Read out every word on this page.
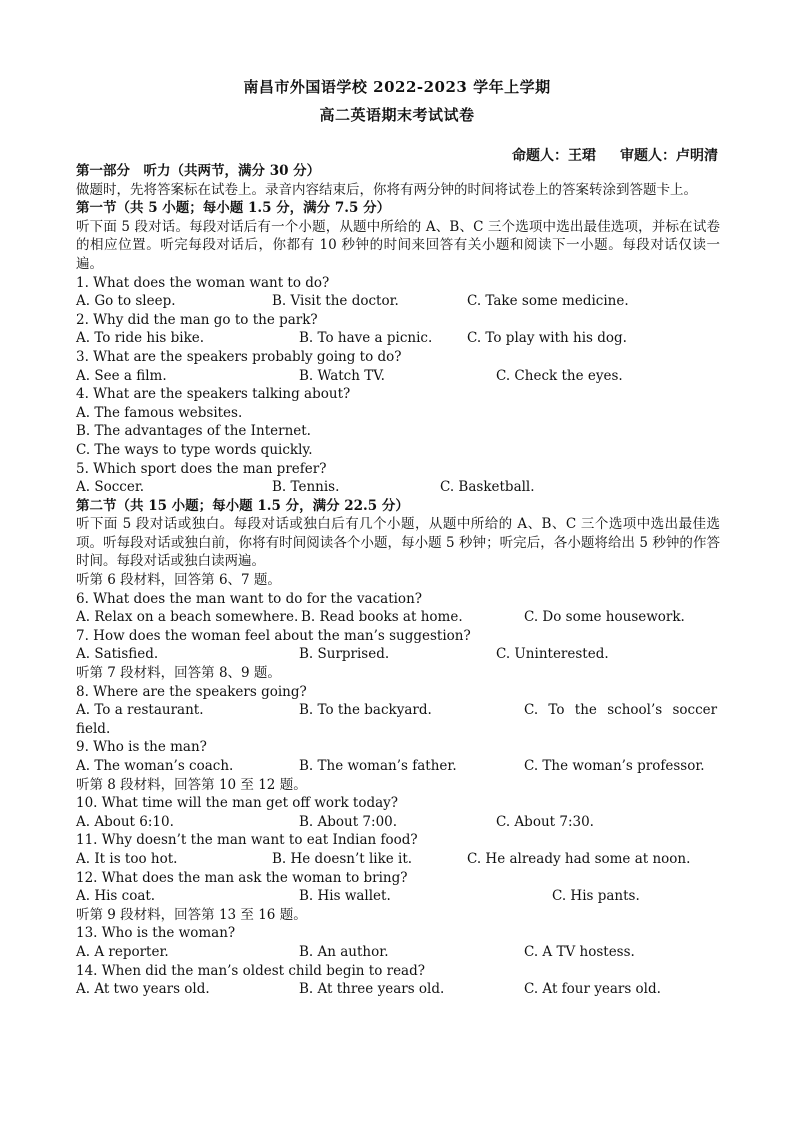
南昌市外国语学校 2022-2023 学年上学期
高二英语期末考试试卷
命题人：王珺 审题人：卢明清
第一部分　听力（共两节，满分 30 分）
做题时，先将答案标在试卷上。录音内容结束后，你将有两分钟的时间将试卷上的答案转涂到答题卡上。
第一节（共 5 小题；每小题 1.5 分，满分 7.5 分）
听下面 5 段对话。每段对话后有一个小题，从题中所给的 A、B、C 三个选项中选出最佳选项，并标在试卷的相应位置。听完每段对话后，你都有 10 秒钟的时间来回答有关小题和阅读下一小题。每段对话仅读一遍。
1. What does the woman want to do?
A. Go to sleep.	B. Visit the doctor.	C. Take some medicine.
2. Why did the man go to the park?
A. To ride his bike.	B. To have a picnic.	C. To play with his dog.
3. What are the speakers probably going to do?
A. See a film.	B. Watch TV.	C. Check the eyes.
4. What are the speakers talking about?
A. The famous websites.
B. The advantages of the Internet.
C. The ways to type words quickly.
5. Which sport does the man prefer?
A. Soccer.	B. Tennis.	C. Basketball.
第二节（共 15 小题；每小题 1.5 分，满分 22.5 分）
听下面 5 段对话或独白。每段对话或独白后有几个小题，从题中所给的 A、B、C 三个选项中选出最佳选项。听每段对话或独白前，你将有时间阅读各个小题，每小题 5 秒钟；听完后，各小题将给出 5 秒钟的作答时间。每段对话或独白读两遍。
听第 6 段材料，回答第 6、7 题。
6. What does the man want to do for the vacation?
A. Relax on a beach somewhere. B. Read books at home.	C. Do some housework.
7. How does the woman feel about the man’s suggestion?
A. Satisfied.	B. Surprised.	C. Uninterested.
听第 7 段材料，回答第 8、9 题。
8. Where are the speakers going?
A. To a restaurant.	B. To the backyard.	C. To the school’s soccer
field.
9. Who is the man?
A. The woman’s coach.	B. The woman’s father.	C. The woman’s professor.
听第 8 段材料，回答第 10 至 12 题。
10. What time will the man get off work today?
A. About 6:10.	B. About 7:00.	C. About 7:30.
11. Why doesn’t the man want to eat Indian food?
A. It is too hot.	B. He doesn’t like it.	C. He already had some at noon.
12. What does the man ask the woman to bring?
A. His coat.	B. His wallet.	C. His pants.
听第 9 段材料，回答第 13 至 16 题。
13. Who is the woman?
A. A reporter.	B. An author.	C. A TV hostess.
14. When did the man’s oldest child begin to read?
A. At two years old.	B. At three years old.	C. At four years old.
